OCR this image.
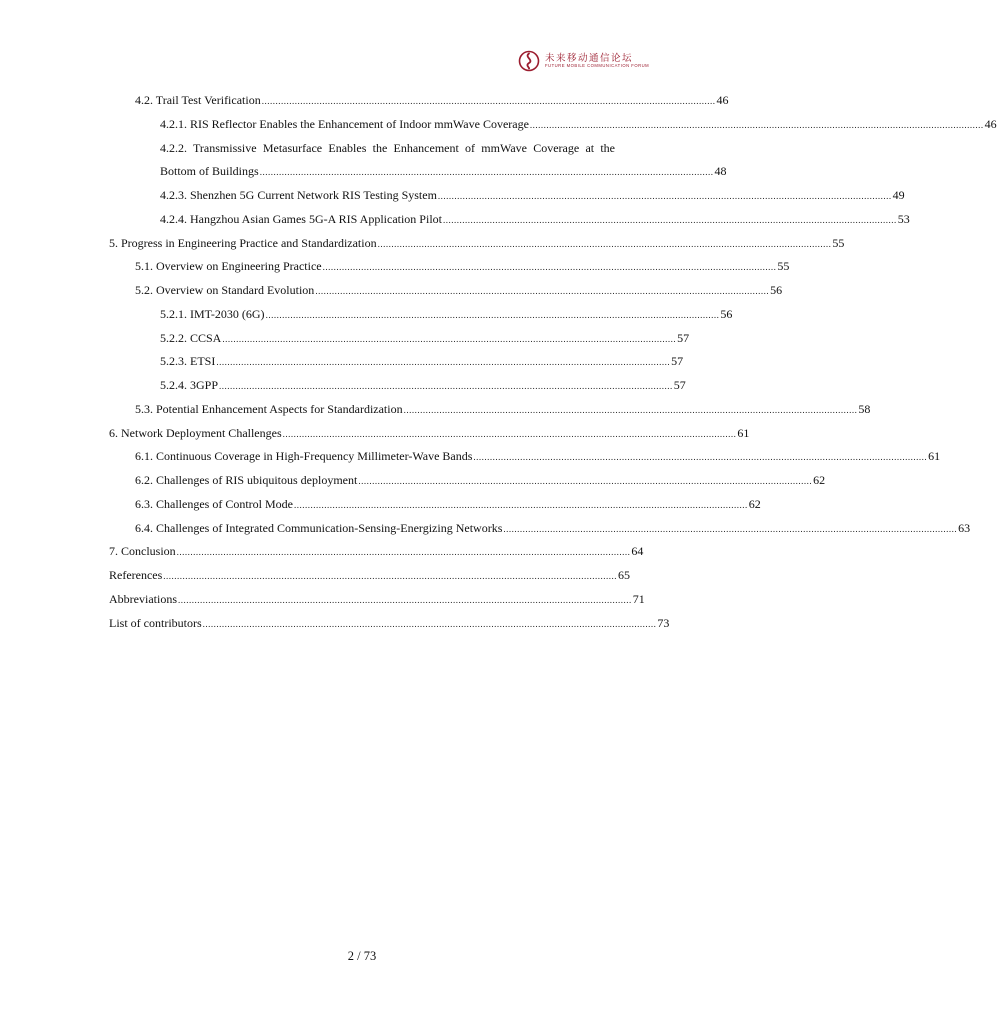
未来移动通信论坛
FUTURE MOBILE COMMUNICATION FORUM
4.2. Trail Test Verification ..................................................................................................................................................................... 46
4.2.1. RIS Reflector Enables the Enhancement of Indoor mmWave Coverage ..................................................................................................................................................................... 46
4.2.2. Transmissive Metasurface Enables the Enhancement of mmWave Coverage at the
Bottom of Buildings ..................................................................................................................................................................... 48
4.2.3. Shenzhen 5G Current Network RIS Testing System ..................................................................................................................................................................... 49
4.2.4. Hangzhou Asian Games 5G-A RIS Application Pilot ..................................................................................................................................................................... 53
5. Progress in Engineering Practice and Standardization ..................................................................................................................................................................... 55
5.1. Overview on Engineering Practice ..................................................................................................................................................................... 55
5.2. Overview on Standard Evolution ..................................................................................................................................................................... 56
5.2.1. IMT-2030 (6G) ..................................................................................................................................................................... 56
5.2.2. CCSA ..................................................................................................................................................................... 57
5.2.3. ETSI ..................................................................................................................................................................... 57
5.2.4. 3GPP ..................................................................................................................................................................... 57
5.3. Potential Enhancement Aspects for Standardization ..................................................................................................................................................................... 58
6. Network Deployment Challenges ..................................................................................................................................................................... 61
6.1. Continuous Coverage in High-Frequency Millimeter-Wave Bands ..................................................................................................................................................................... 61
6.2. Challenges of RIS ubiquitous deployment ..................................................................................................................................................................... 62
6.3. Challenges of Control Mode ..................................................................................................................................................................... 62
6.4. Challenges of Integrated Communication-Sensing-Energizing Networks ..................................................................................................................................................................... 63
7. Conclusion ..................................................................................................................................................................... 64
References ..................................................................................................................................................................... 65
Abbreviations ..................................................................................................................................................................... 71
List of contributors ..................................................................................................................................................................... 73
2 / 73
